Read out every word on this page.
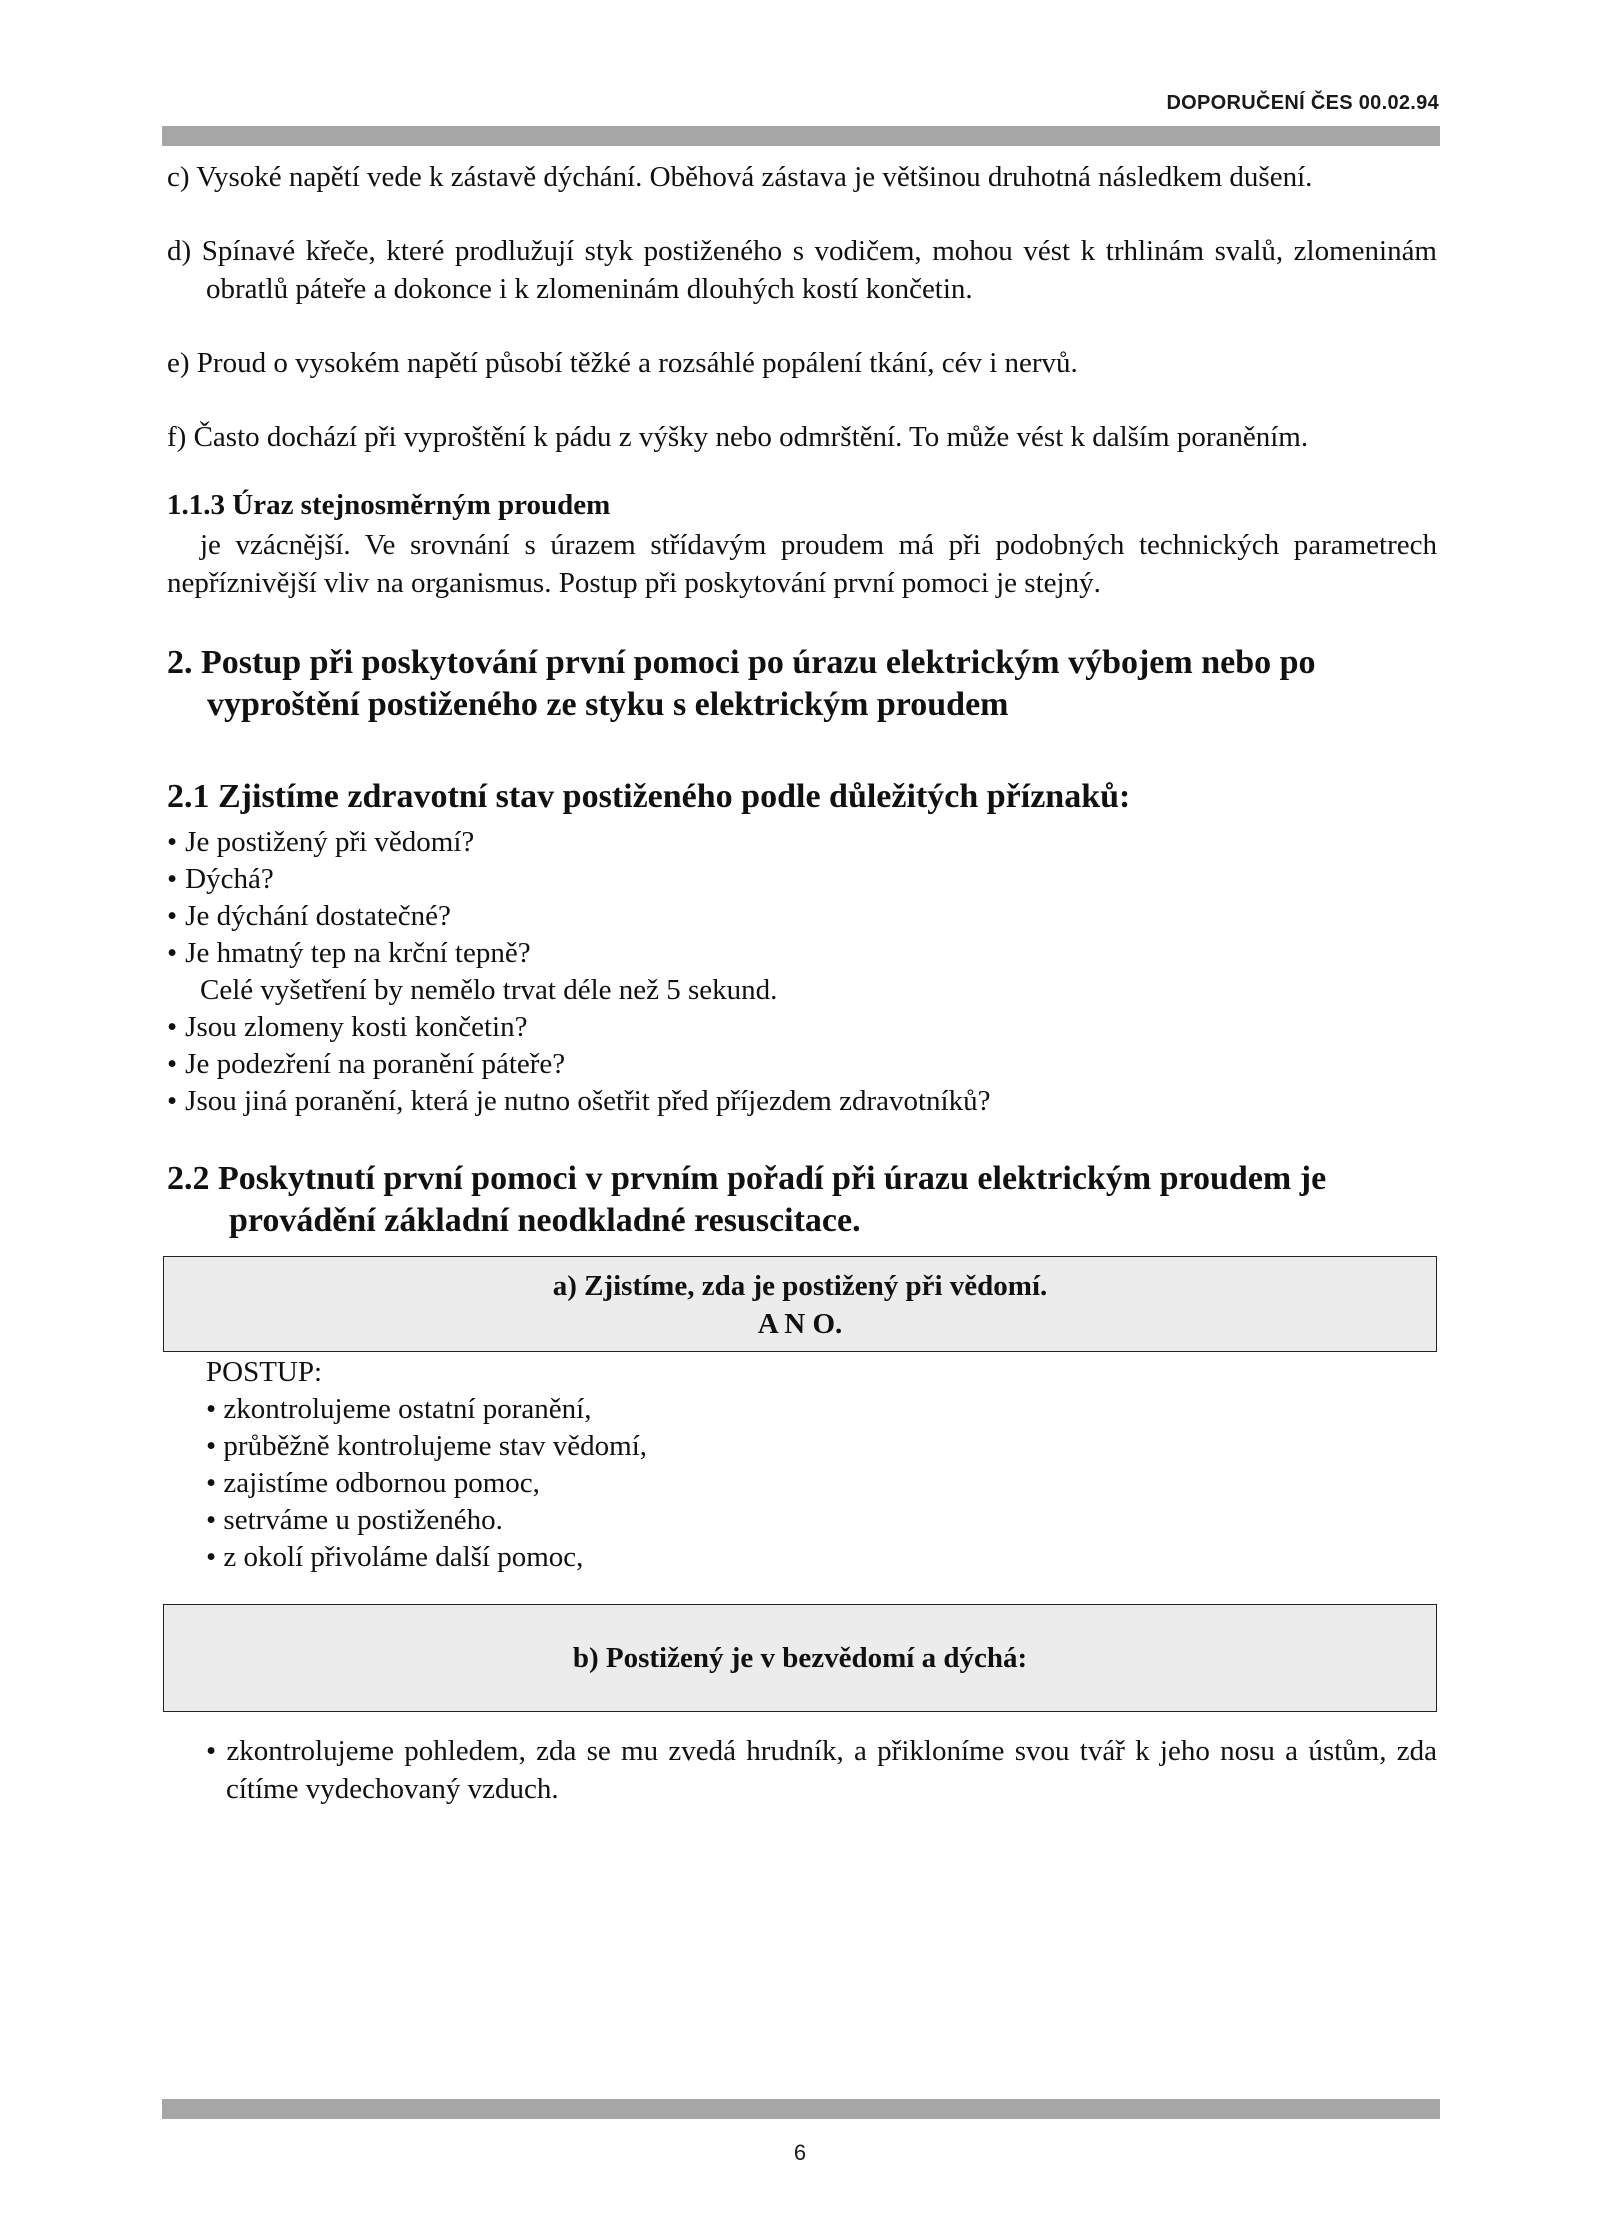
DOPORUČENÍ ČES 00.02.94

c) Vysoké napětí vede k zástavě dýchání. Oběhová zástava je většinou druhotná následkem dušení.

d) Spínavé křeče, které prodlužují styk postiženého s vodičem, mohou vést k trhlinám svalů, zlomeninám obratlů páteře a dokonce i k zlomeninám dlouhých kostí končetin.

e) Proud o vysokém napětí působí těžké a rozsáhlé popálení tkání, cév i nervů.

f) Často dochází při vyproštění k pádu z výšky nebo odmrštění. To může vést k dalším poraněním.

1.1.3 Úraz stejnosměrným proudem

je vzácnější. Ve srovnání s úrazem střídavým proudem má při podobných technických parametrech nepříznivější vliv na organismus. Postup při poskytování první pomoci je stejný.

2. Postup při poskytování první pomoci po úrazu elektrickým výbojem nebo po vyproštění postiženého ze styku s elektrickým proudem
2.1 Zjistíme zdravotní stav postiženého podle důležitých příznaků:
• Je postižený při vědomí?
• Dýchá?
• Je dýchání dostatečné?
• Je hmatný tep na krční tepně?
Celé vyšetření by nemělo trvat déle než 5 sekund.
• Jsou zlomeny kosti končetin?
• Je podezření na poranění páteře?
• Jsou jiná poranění, která je nutno ošetřit před příjezdem zdravotníků?
2.2 Poskytnutí první pomoci v prvním pořadí při úrazu elektrickým proudem je provádění základní neodkladné resuscitace.
a) Zjistíme, zda je postižený při vědomí.
A N O.
POSTUP:
• zkontrolujeme ostatní poranění,
• průběžně kontrolujeme stav vědomí,
• zajistíme odbornou pomoc,
• setrváme u postiženého.
• z okolí přivoláme další pomoc,
b) Postižený je v bezvědomí a dýchá:
• zkontrolujeme pohledem, zda se mu zvedá hrudník, a přikloníme svou tvář k jeho nosu a ústům, zda cítíme vydechovaný vzduch.
6
